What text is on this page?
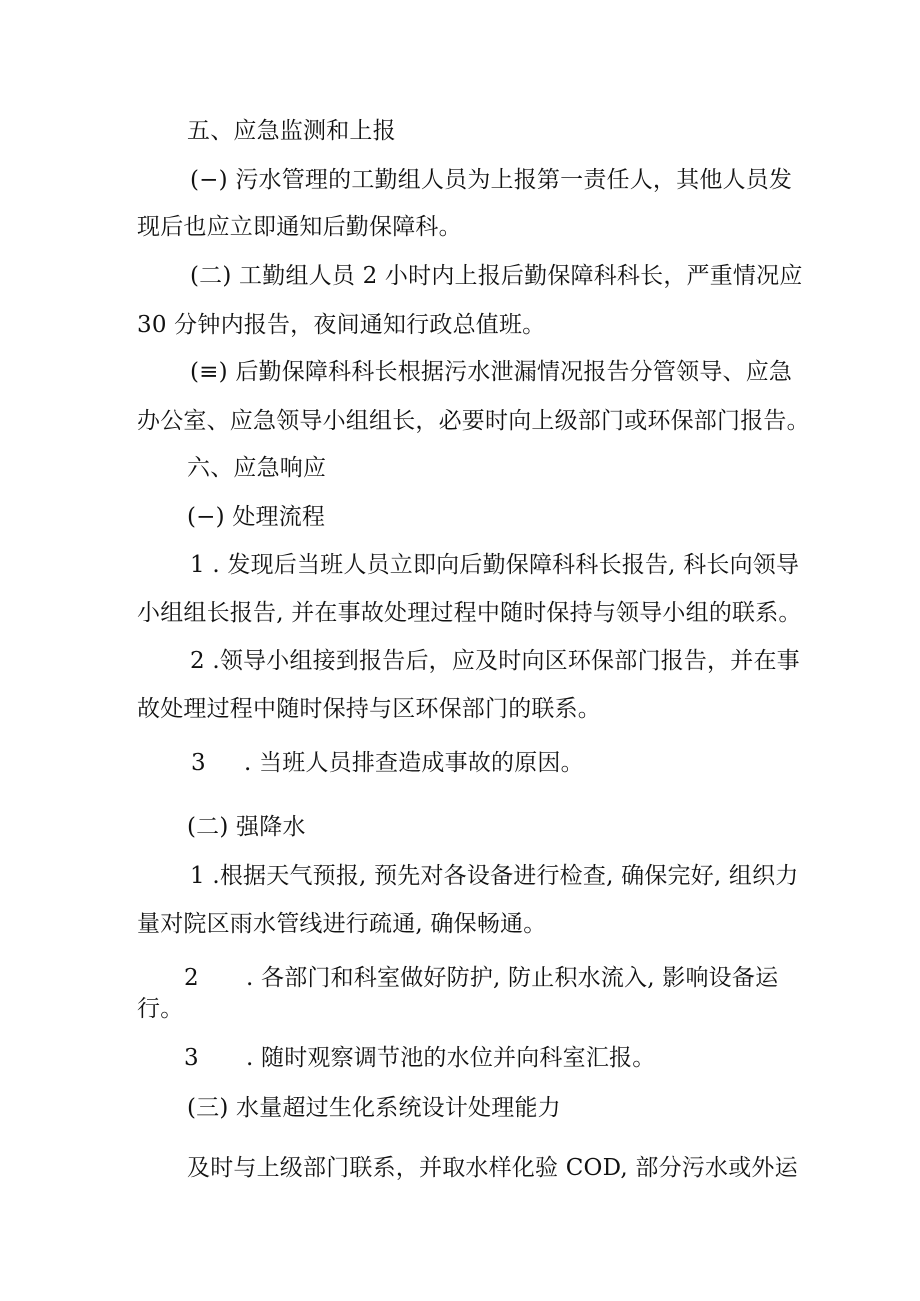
五、应急监测和上报
(−) 污水管理的工勤组人员为上报第一责任人，其他人员发
现后也应立即通知后勤保障科。
(二) 工勤组人员 2 小时内上报后勤保障科科长，严重情况应
30 分钟内报告，夜间通知行政总值班。
(≡) 后勤保障科科长根据污水泄漏情况报告分管领导、应急
办公室、应急领导小组组长，必要时向上级部门或环保部门报告。
六、应急响应
(−) 处理流程
1 . 发现后当班人员立即向后勤保障科科长报告, 科长向领导
小组组长报告, 并在事故处理过程中随时保持与领导小组的联系。
2 .领导小组接到报告后，应及时向区环保部门报告，并在事
故处理过程中随时保持与区环保部门的联系。
3 . 当班人员排查造成事故的原因。
(二) 强降水
1 .根据天气预报, 预先对各设备进行检查, 确保完好, 组织力
量对院区雨水管线进行疏通, 确保畅通。
2 . 各部门和科室做好防护, 防止积水流入, 影响设备运
行。
3 . 随时观察调节池的水位并向科室汇报。
(三) 水量超过生化系统设计处理能力
及时与上级部门联系，并取水样化验 COD, 部分污水或外运
